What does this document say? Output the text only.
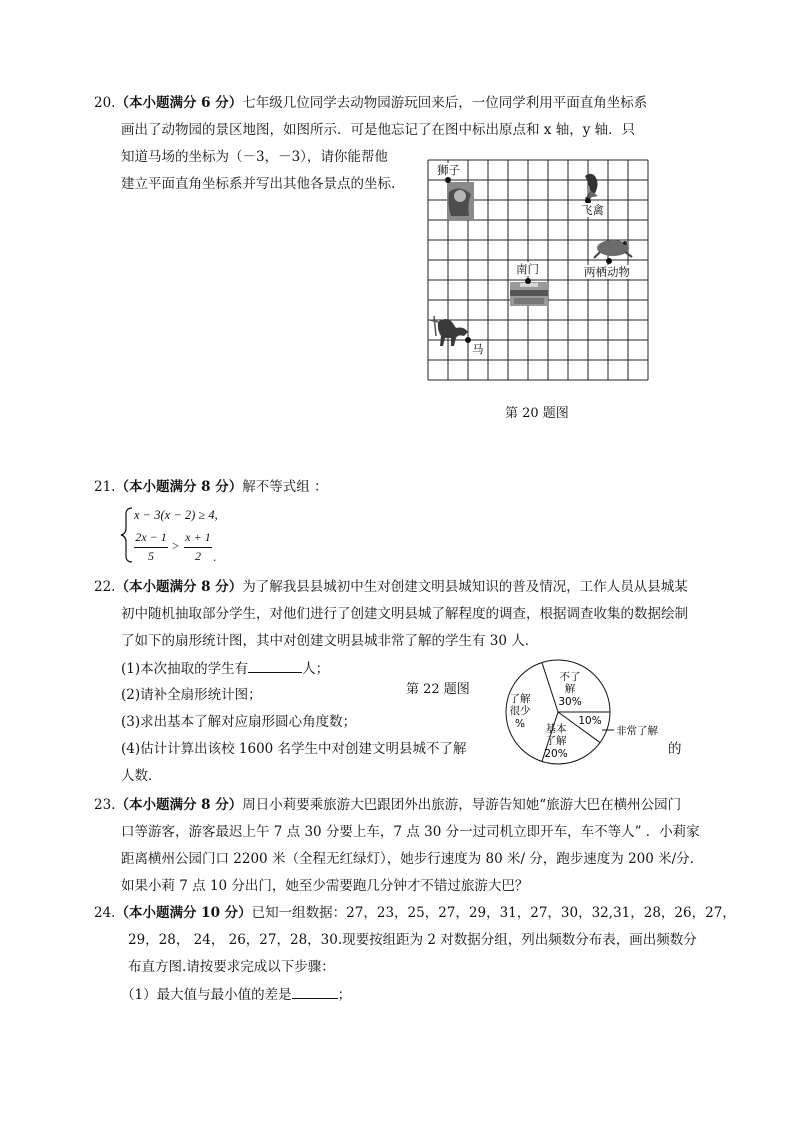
20.（本小题满分 6 分）七年级几位同学去动物园游玩回来后，一位同学利用平面直角坐标系
画出了动物园的景区地图，如图所示．可是他忘记了在图中标出原点和 x 轴，y 轴．只
知道马场的坐标为（－3，－3），请你能帮他
建立平面直角坐标系并写出其他各景点的坐标.
狮子
飞禽
两栖动物
南门
马
第 20 题图
21.（本小题满分 8 分）解不等式组 ：
x − 3(x − 2) ≥ 4,
2x − 1
5
>
x + 1
2 .
22.（本小题满分 8 分）为了解我县县城初中生对创建文明县城知识的普及情况，工作人员从县城某
初中随机抽取部分学生，对他们进行了创建文明县城了解程度的调查，根据调查收集的数据绘制
了如下的扇形统计图，其中对创建文明县城非常了解的学生有 30 人．
(1)本次抽取的学生有	人；
(2)请补全扇形统计图；	第 22 题图
(3)求出基本了解对应扇形圆心角度数；
(4)估计计算出该校 1600 名学生中对创建文明县城不了解	的
人数．
不了
解
30%
10%
基本
了解
20%
了解
很少
%
非常了解
23.（本小题满分 8 分）周日小莉要乘旅游大巴跟团外出旅游，导游告知她“旅游大巴在横州公园门
口等游客，游客最迟上午 7 点 30 分要上车，7 点 30 分一过司机立即开车，车不等人” ．小莉家
距离横州公园门口 2200 米（全程无红绿灯），她步行速度为 80 米/ 分，跑步速度为 200 米/分.
如果小莉 7 点 10 分出门，她至少需要跑几分钟才不错过旅游大巴？
24.（本小题满分 10 分）已知一组数据：27，23，25，27，29，31，27，30，32,31，28，26，27，
29，28， 24， 26，27，28，30.现要按组距为 2 对数据分组，列出频数分布表，画出频数分
布直方图.请按要求完成以下步骤：
（1）最大值与最小值的差是	；
